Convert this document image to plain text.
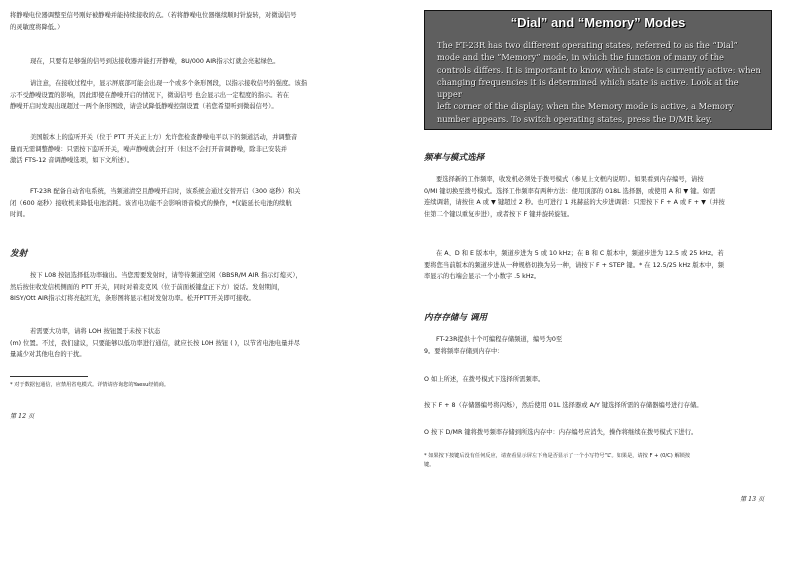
将静噪电位器调整至信号刚好被静噪并能持续接收的点。（若将静噪电位器继续顺时针旋转，对微弱信号
的灵敏度将降低。）

现在，只要有足够强的信号到达接收器并能打开静噪，8U/000 AIR指示灯就会亮起绿色。

请注意，在接收过程中，显示屏底部可能会出现一个或多个条形图段，以指示接收信号的强度。该指
示不受静噪设置的影响，因此即使在静噪开启的情况下，微弱信号 也会显示出一定程度的指示。若在
静噪开启时发现出现超过一两个条形图段，请尝试降低静噪控制设置（若您希望听到微弱信号）。

美国版本上的监听开关（位于 PTT 开关正上方）允许您检查静噪电平以下的频道活动，并调整音
量而无需调整静噪：只需按下监听开关，噪声静噪就会打开（但这不会打开音调静噪，除非已安装并
激活 FTS-12 音调静噪选项，如下文所述）。

FT-23R 配备自动省电系统，当频道清空且静噪开启时，该系统会通过交替开启（300 毫秒）和关
闭（600 毫秒）接收机来降低电池消耗。该省电功能不会影响语音模式的操作，*仅能延长电池的续航
时间。

发射

按下 L08 按钮选择低功率输出。当您需要发射时，请等待频道空闲（BBSR/M AIR 指示灯熄灭），
然后按住收发信机侧面的 PTT 开关，同时对着麦克风（位于前面板键盘正下方）说话。发射期间，
8ISY/Ott AIR指示灯将亮起红光，条形图将显示相对发射功率。松开PTT开关即可接收。

若需要大功率，请将 LOH 按钮置于未按下状态
(m) 位置。不过，我们建议，只要能够以低功率进行通信，就应长按 L0H 按钮 ( )，以节省电池电量并尽
量减少对其他电台的干扰。

* 对于数据包通信，应禁用省电模式。详情请咨询您的Yaesu经销商。

第 12 页

“Dial” and “Memory” Modes

The FT-23R has two different operating states, referred to as the “Dial”
mode and the “Memory” mode, in which the function of many of the
controls differs. It is important to know which state is currently active: when
changing frequencies it is determined which state is active. Look at the upper
left corner of the display; when the Memory mode is active, a Memory
number appears. To switch operating states, press the D/MR key.

频率与模式选择

要选择新的工作频率，收发机必须处于拨号模式（参见上文框内说明）。如果看到内存编号，请按
0/MI 键切换至拨号模式。选择工作频率有两种方法：使用顶部的 018L 选择器，或使用 A 和 ▼ 键。如需
连续调谐，请按住 A 或 ▼ 键超过 2 秒。也可进行 1 兆赫兹的大步进调谐：只需按下 F + A 或 F + ▼（并按
住第二个键以重复步进），或者按下 F 键并旋转旋钮。

在 A、D 和 E 版本中，频道步进为 5 或 10 kHz；在 B 和 C 版本中，频道步进为 12.5 或 25 kHz。若
要将您当前版本的频道步进从一种规格切换为另一种，请按下 F + STEP 键。* 在 12.5/25 kHz 版本中，频
率显示的右端会显示一个小数字 .5 kHz。

内存存储与 调用

FT-23R提供十个可编程存储频道，编号为0至
9。要将频率存储到内存中：

O 如上所述，在拨号模式下选择所需频率。

按下 F + 8（存储器编号将闪烁），然后使用 01L 选择器或 A/Y 键选择所需的存储器编号进行存储。

O 按下 D/MR 键将拨号频率存储到所选内存中：内存编号应消失，操作将继续在拨号模式下进行。

* 如果按下按键后没有任何反应，请查看显示屏左下角是否显示了一个小写符号“L”。如果是，请按 F + (0/C) 解锁按
键。

第 13 页
